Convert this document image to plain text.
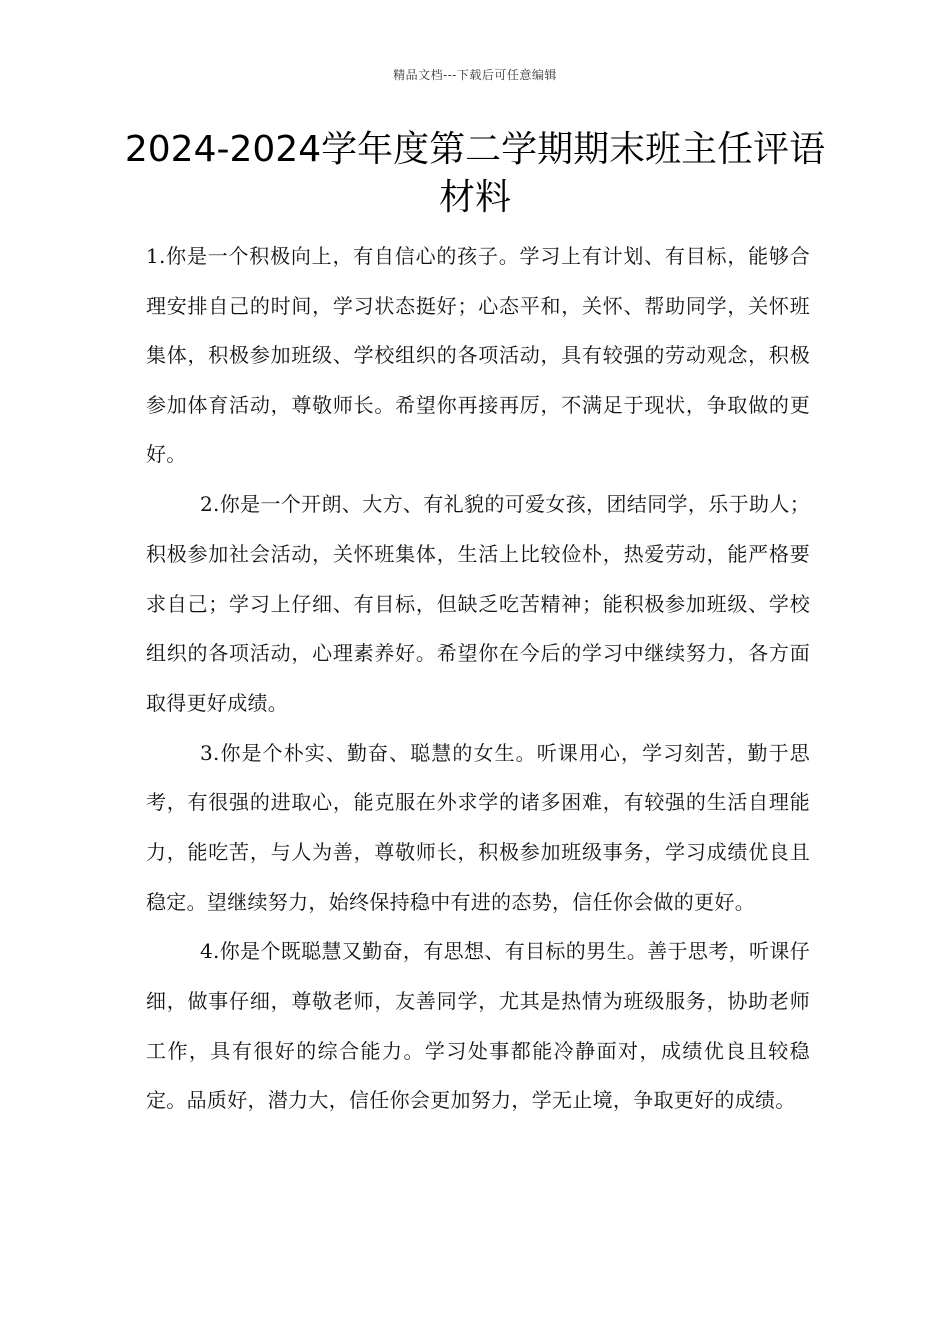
精品文档---下载后可任意编辑
2024-2024学年度第二学期期末班主任评语材料

1.你是一个积极向上，有自信心的孩子。学习上有计划、有目标，能够合理安排自己的时间，学习状态挺好；心态平和，关怀、帮助同学，关怀班集体，积极参加班级、学校组织的各项活动，具有较强的劳动观念，积极参加体育活动，尊敬师长。希望你再接再厉，不满足于现状，争取做的更好。

2.你是一个开朗、大方、有礼貌的可爱女孩，团结同学，乐于助人；积极参加社会活动，关怀班集体，生活上比较俭朴，热爱劳动，能严格要求自己；学习上仔细、有目标，但缺乏吃苦精神；能积极参加班级、学校组织的各项活动，心理素养好。希望你在今后的学习中继续努力，各方面取得更好成绩。

3.你是个朴实、勤奋、聪慧的女生。听课用心，学习刻苦，勤于思考，有很强的进取心，能克服在外求学的诸多困难，有较强的生活自理能力，能吃苦，与人为善，尊敬师长，积极参加班级事务，学习成绩优良且稳定。望继续努力，始终保持稳中有进的态势，信任你会做的更好。

4.你是个既聪慧又勤奋，有思想、有目标的男生。善于思考，听课仔细，做事仔细，尊敬老师，友善同学，尤其是热情为班级服务，协助老师工作，具有很好的综合能力。学习处事都能冷静面对，成绩优良且较稳定。品质好，潜力大，信任你会更加努力，学无止境，争取更好的成绩。
